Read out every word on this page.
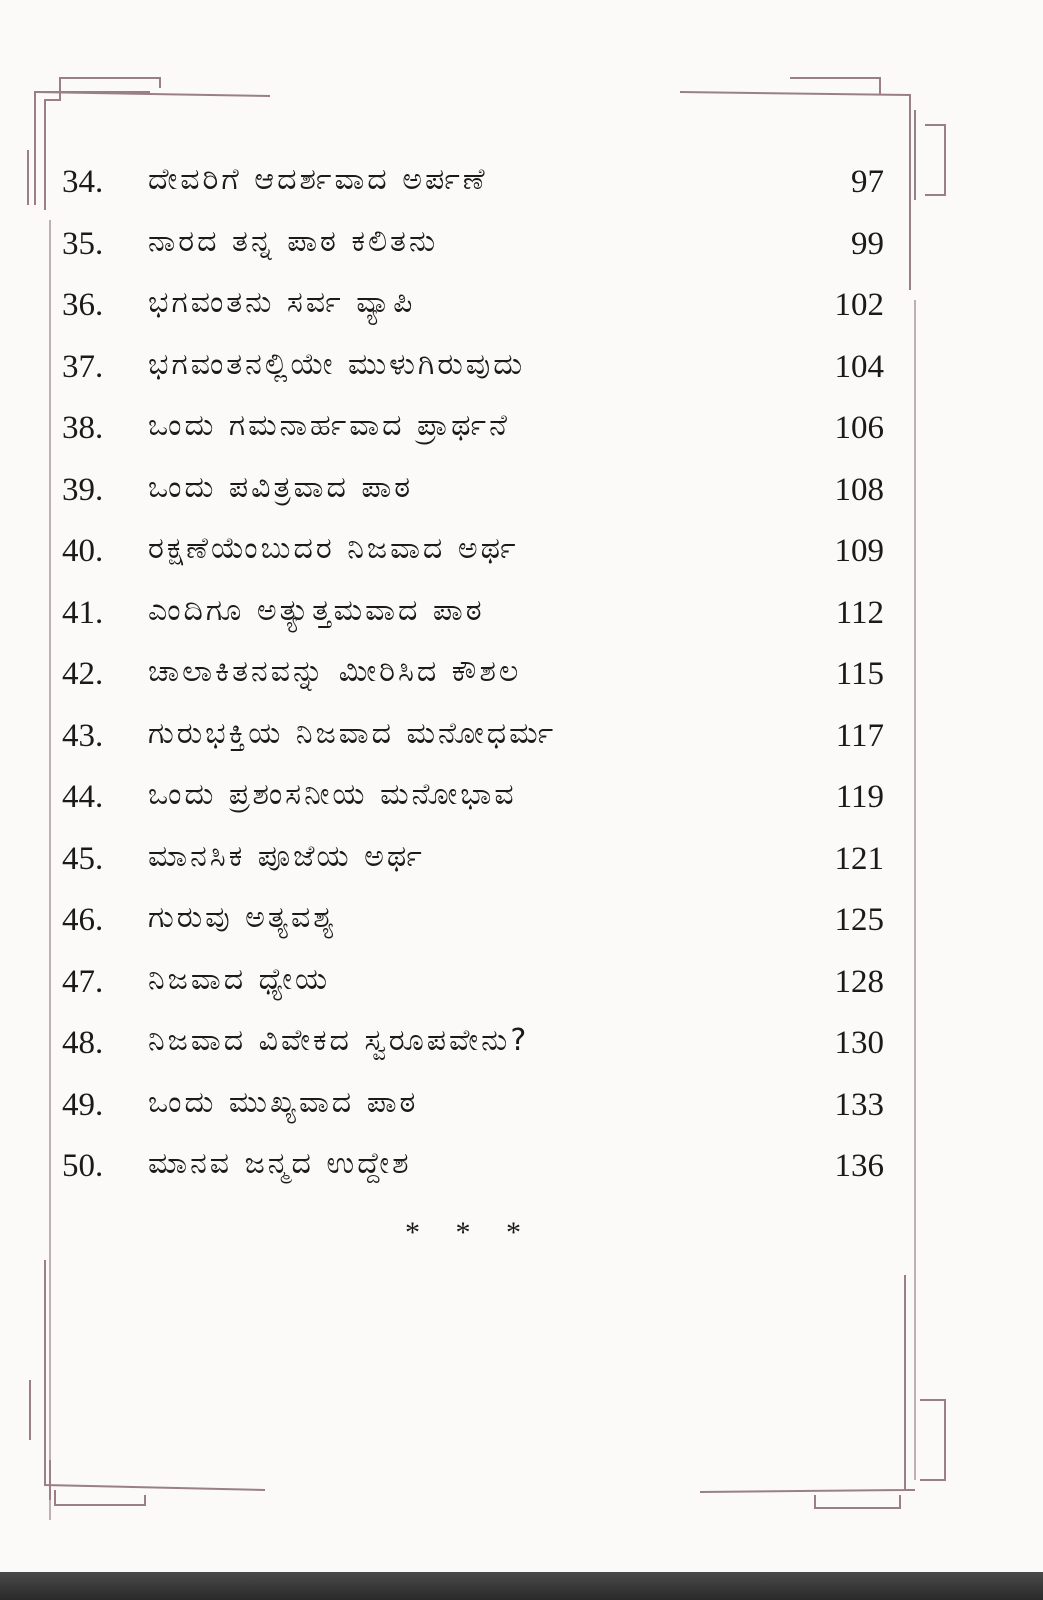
34. ದೇವರಿಗೆ ಆದರ್ಶವಾದ ಅರ್ಪಣೆ	97
35. ನಾರದ ತನ್ನ ಪಾಠ ಕಲಿತನು	99
36. ಭಗವಂತನು ಸರ್ವ ವ್ಯಾಪಿ	102
37. ಭಗವಂತನಲ್ಲಿಯೇ ಮುಳುಗಿರುವುದು	104
38. ಒಂದು ಗಮನಾರ್ಹವಾದ ಪ್ರಾರ್ಥನೆ	106
39. ಒಂದು ಪವಿತ್ರವಾದ ಪಾಠ	108
40. ರಕ್ಷಣೆಯೆಂಬುದರ ನಿಜವಾದ ಅರ್ಥ	109
41. ಎಂದಿಗೂ ಅತ್ಯುತ್ತಮವಾದ ಪಾಠ	112
42. ಚಾಲಾಕಿತನವನ್ನು ಮೀರಿಸಿದ ಕೌಶಲ	115
43. ಗುರುಭಕ್ತಿಯ ನಿಜವಾದ ಮನೋಧರ್ಮ	117
44. ಒಂದು ಪ್ರಶಂಸನೀಯ ಮನೋಭಾವ	119
45. ಮಾನಸಿಕ ಪೂಜೆಯ ಅರ್ಥ	121
46. ಗುರುವು ಅತ್ಯವಶ್ಯ	125
47. ನಿಜವಾದ ಧ್ಯೇಯ	128
48. ನಿಜವಾದ ವಿವೇಕದ ಸ್ವರೂಪವೇನು?	130
49. ಒಂದು ಮುಖ್ಯವಾದ ಪಾಠ	133
50. ಮಾನವ ಜನ್ಮದ ಉದ್ದೇಶ	136
* * *
